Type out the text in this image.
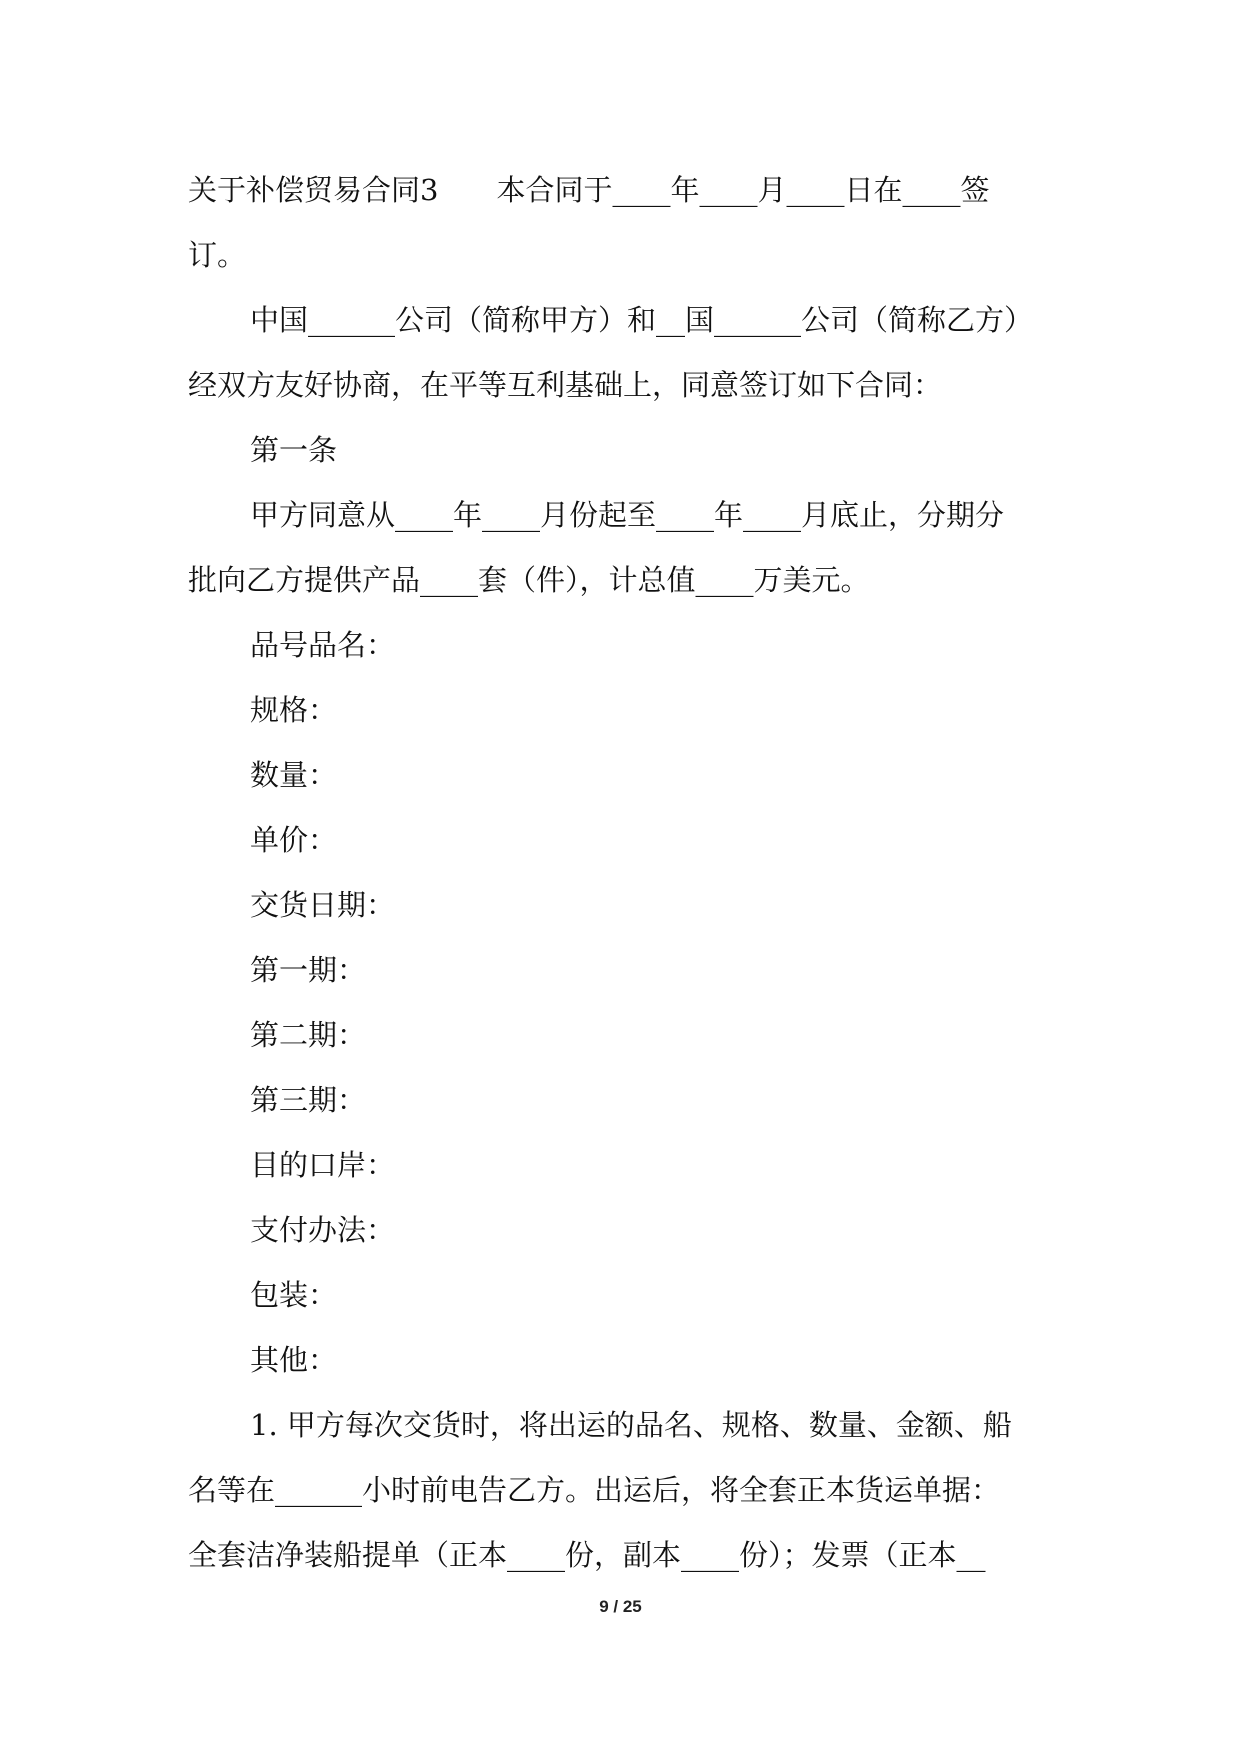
关于补偿贸易合同3　　本合同于____年____月____日在____签

订。

中国______公司（简称甲方）和__国______公司（简称乙方）

经双方友好协商，在平等互利基础上，同意签订如下合同：

第一条

甲方同意从____年____月份起至____年____月底止，分期分

批向乙方提供产品____套（件），计总值____万美元。

品号品名：

规格：

数量：

单价：

交货日期：

第一期：

第二期：

第三期：

目的口岸：

支付办法：

包装：

其他：

1. 甲方每次交货时，将出运的品名、规格、数量、金额、船

名等在______小时前电告乙方。出运后，将全套正本货运单据：

全套洁净装船提单（正本____份，副本____份）；发票（正本__

9 / 25
